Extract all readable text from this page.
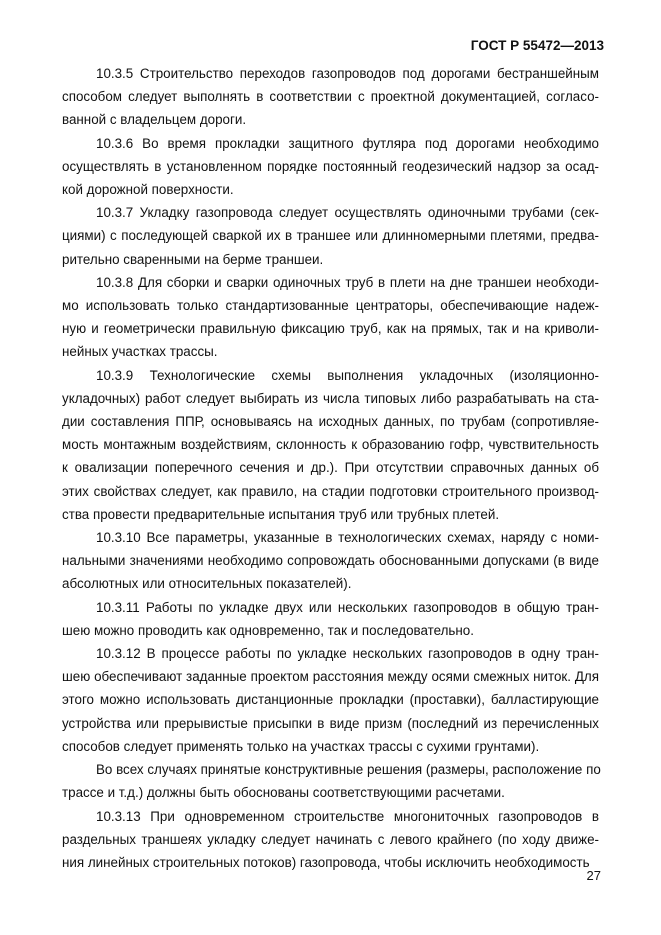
ГОСТ Р 55472—2013
10.3.5 Строительство переходов газопроводов под дорогами бестраншейным
способом следует выполнять в соответствии с проектной документацией, согласо-
ванной с владельцем дороги.
10.3.6 Во время прокладки защитного футляра под дорогами необходимо
осуществлять в установленном порядке постоянный геодезический надзор за осад-
кой дорожной поверхности.
10.3.7 Укладку газопровода следует осуществлять одиночными трубами (сек-
циями) с последующей сваркой их в траншее или длинномерными плетями, предва-
рительно сваренными на берме траншеи.
10.3.8 Для сборки и сварки одиночных труб в плети на дне траншеи необходи-
мо использовать только стандартизованные центраторы, обеспечивающие надеж-
ную и геометрически правильную фиксацию труб, как на прямых, так и на криволи-
нейных участках трассы.
10.3.9 Технологические схемы выполнения укладочных (изоляционно-
укладочных) работ следует выбирать из числа типовых либо разрабатывать на ста-
дии составления ППР, основываясь на исходных данных, по трубам (сопротивляе-
мость монтажным воздействиям, склонность к образованию гофр, чувствительность
к овализации поперечного сечения и др.). При отсутствии справочных данных об
этих свойствах следует, как правило, на стадии подготовки строительного производ-
ства провести предварительные испытания труб или трубных плетей.
10.3.10 Все параметры, указанные в технологических схемах, наряду с номи-
нальными значениями необходимо сопровождать обоснованными допусками (в виде
абсолютных или относительных показателей).
10.3.11 Работы по укладке двух или нескольких газопроводов в общую тран-
шею можно проводить как одновременно, так и последовательно.
10.3.12 В процессе работы по укладке нескольких газопроводов в одну тран-
шею обеспечивают заданные проектом расстояния между осями смежных ниток. Для
этого можно использовать дистанционные прокладки (проставки), балластирующие
устройства или прерывистые присыпки в виде призм (последний из перечисленных
способов следует применять только на участках трассы с сухими грунтами).
Во всех случаях принятые конструктивные решения (размеры, расположение по
трассе и т.д.) должны быть обоснованы соответствующими расчетами.
10.3.13 При одновременном строительстве многониточных газопроводов в
раздельных траншеях укладку следует начинать с левого крайнего (по ходу движе-
ния линейных строительных потоков) газопровода, чтобы исключить необходимость
27
